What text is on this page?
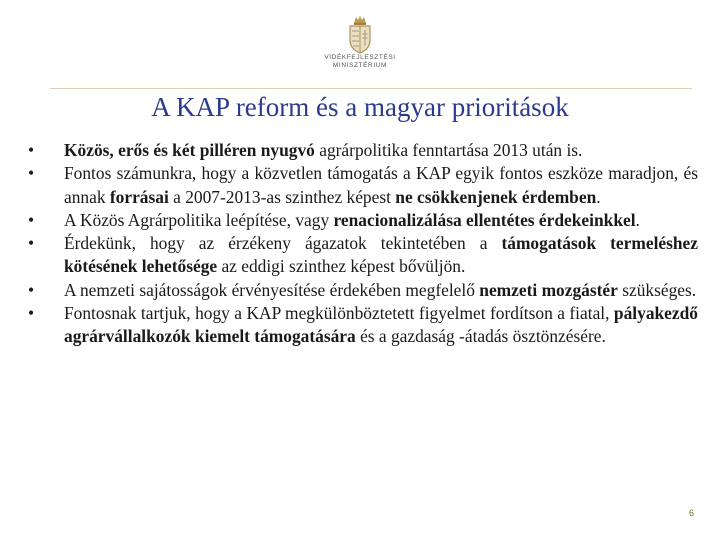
VIDÉKFEJLESZTÉSI
MINISZTÉRIUM
A KAP reform és a magyar prioritások
• Közös, erős és két pilléren nyugvó agrárpolitika fenntartása 2013 után is.
• Fontos számunkra, hogy a közvetlen támogatás a KAP egyik fontos eszköze maradjon, és annak forrásai a 2007-2013-as szinthez képest ne csökkenjenek érdemben.
• A Közös Agrárpolitika leépítése, vagy renacionalizálása ellentétes érdekeinkkel.
• Érdekünk, hogy az érzékeny ágazatok tekintetében a támogatások termeléshez kötésének lehetősége az eddigi szinthez képest bővüljön.
• A nemzeti sajátosságok érvényesítése érdekében megfelelő nemzeti mozgástér szükséges.
• Fontosnak tartjuk, hogy a KAP megkülönböztetett figyelmet fordítson a fiatal, pályakezdő agrárvállalkozók kiemelt támogatására és a gazdaság -átadás ösztönzésére.
6
